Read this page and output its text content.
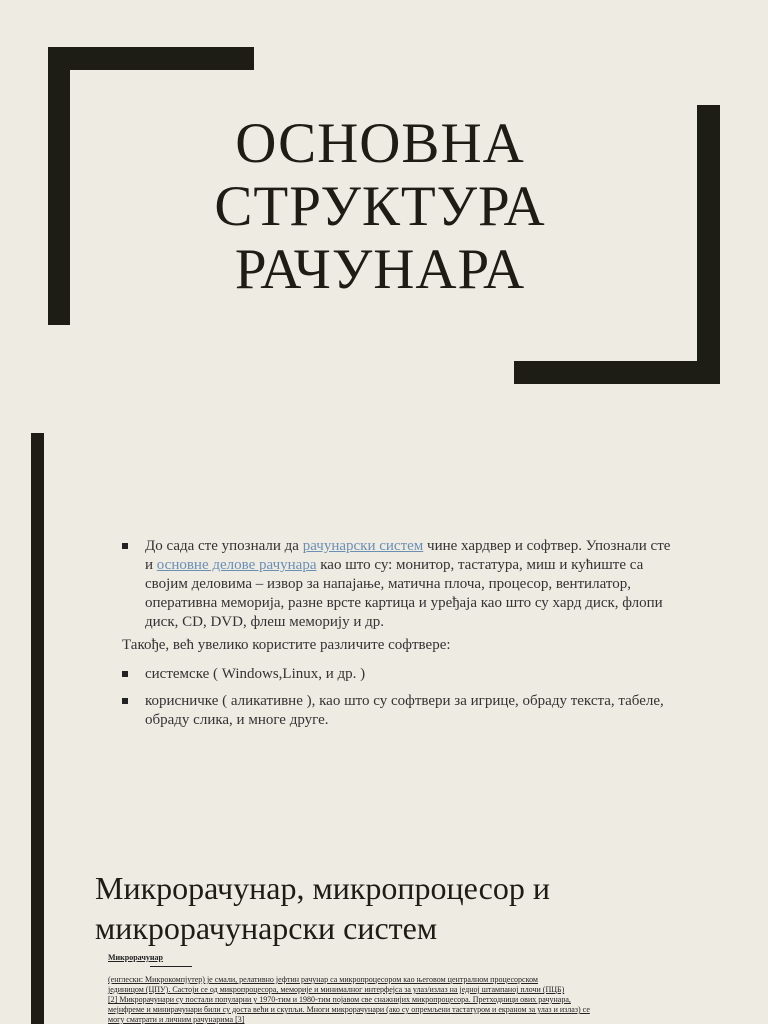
ОСНОВНА
СТРУКТУРА
РАЧУНАРА
До сада сте упознали да рачунарски систем чине хардвер и софтвер. Упознали сте
и основне делове рачунара као што су: монитор, тастатура, миш и кућиште са
својим деловима – извор за напајање, матична плоча, процесор, вентилатор,
оперативна меморија, разне врсте картица и уређаја као што су хард диск, флопи
диск, CD, DVD, флеш меморију и др.
Такође, већ увелико користите различите софтвере:
системске ( Windows,Linux, и др. )
корисничке ( аликативне ), као што су софтвери за игрице, обраду текста, табеле,
обраду слика, и многе друге.
Микрорачунар, микропроцесор и
микрорачунарски систем
Микрорачунар
(енглески: Микрокомпјутер) је смали, релативно јефтин рачунар са микропроцесором као његовом централном процесорском
јединицом (ЦПУ). Састоји се од микропроцесора, меморије и минималног интерфејса за улаз/излаз на једној штампаној плочи (ПЦБ)
[2] Микрорачунари су постали популарни у 1970-тим и 1980-тим појавом све снажнијих микропроцесора. Претходници ових рачунара,
мејнфреме и минирачунари били су доста већи и скупљи. Многи микрорачунари (ако су опремљени тастатуром и екраном за улаз и излаз) се
могу сматрати и личним рачунарима [3]
